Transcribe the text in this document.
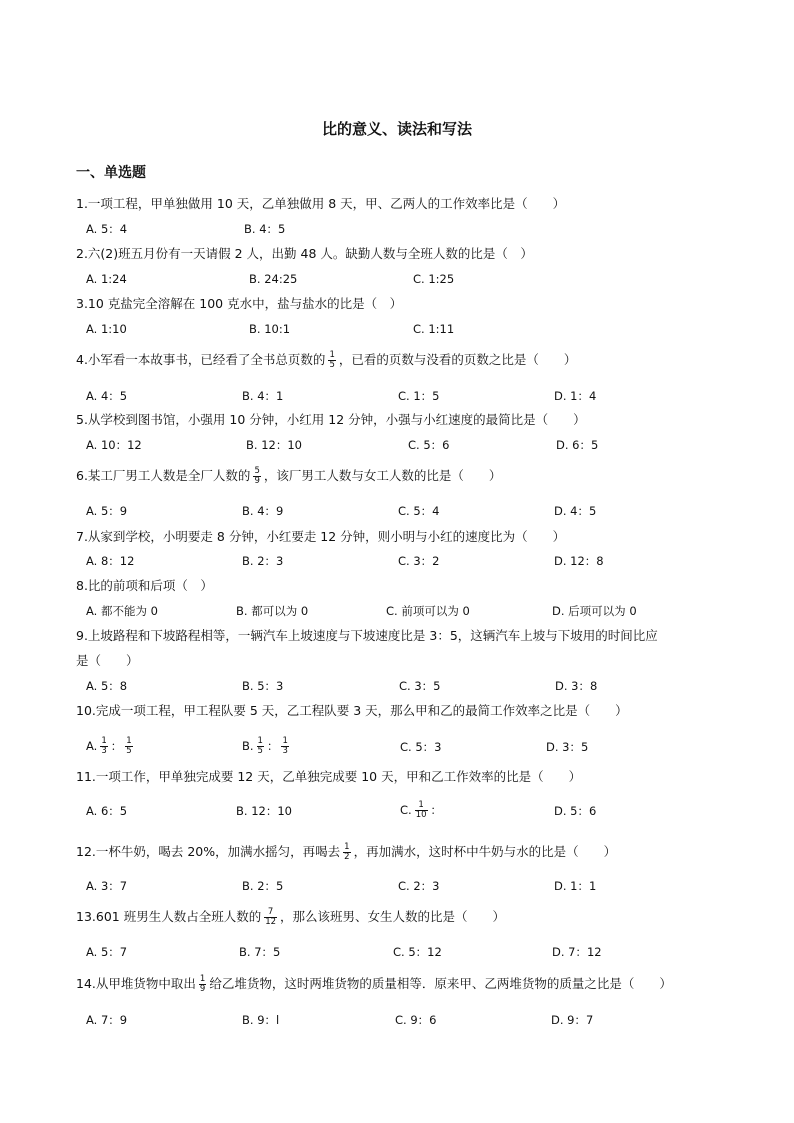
比的意义、读法和写法
一、单选题
1.一项工程，甲单独做用 10 天，乙单独做用 8 天，甲、乙两人的工作效率比是（　　）
A. 5：4	B. 4：5
2.六(2)班五月份有一天请假 2 人，出勤 48 人。缺勤人数与全班人数的比是（　）
A. 1:24	B. 24:25	C. 1:25
3.10 克盐完全溶解在 100 克水中，盐与盐水的比是（　）
A. 1:10	B. 10:1	C. 1:11
4.小军看一本故事书，已经看了全书总页数的 $\frac{1}{5}$ ，已看的页数与没看的页数之比是（　　）
A. 4：5	B. 4：1	C. 1：5	D. 1：4
5.从学校到图书馆，小强用 10 分钟，小红用 12 分钟，小强与小红速度的最简比是（　　）
A. 10：12	B. 12：10	C. 5：6	D. 6：5
6.某工厂男工人数是全厂人数的 $\frac{5}{9}$ ，该厂男工人数与女工人数的比是（　　）
A. 5：9	B. 4：9	C. 5：4	D. 4：5
7.从家到学校，小明要走 8 分钟，小红要走 12 分钟，则小明与小红的速度比为（　　）
A. 8：12	B. 2：3	C. 3：2	D. 12：8
8.比的前项和后项（　）
A. 都不能为 0	B. 都可以为 0	C. 前项可以为 0	D. 后项可以为 0
9.上坡路程和下坡路程相等，一辆汽车上坡速度与下坡速度比是 3：5，这辆汽车上坡与下坡用的时间比应
是（　　）
A. 5：8	B. 5：3	C. 3：5	D. 3：8
10.完成一项工程，甲工程队要 5 天，乙工程队要 3 天，那么甲和乙的最简工作效率之比是（　　）
A. $\frac{1}{3}$ ： $\frac{1}{5}$	B. $\frac{1}{5}$ ： $\frac{1}{3}$	C. 5：3	D. 3：5
11.一项工作，甲单独完成要 12 天，乙单独完成要 10 天，甲和乙工作效率的比是（　　）
A. 6：5	B. 12：10	C. $\frac{1}{10}$ ：	D. 5：6
12.一杯牛奶，喝去 20%，加满水摇匀，再喝去 $\frac{1}{2}$ ，再加满水，这时杯中牛奶与水的比是（　　）
A. 3：7	B. 2：5	C. 2：3	D. 1：1
13.601 班男生人数占全班人数的 $\frac{7}{12}$ ，那么该班男、女生人数的比是（　　）
A. 5：7	B. 7：5	C. 5：12	D. 7：12
14.从甲堆货物中取出 $\frac{1}{9}$ 给乙堆货物，这时两堆货物的质量相等．原来甲、乙两堆货物的质量之比是（　　）
A. 7：9	B. 9：l	C. 9：6	D. 9：7
